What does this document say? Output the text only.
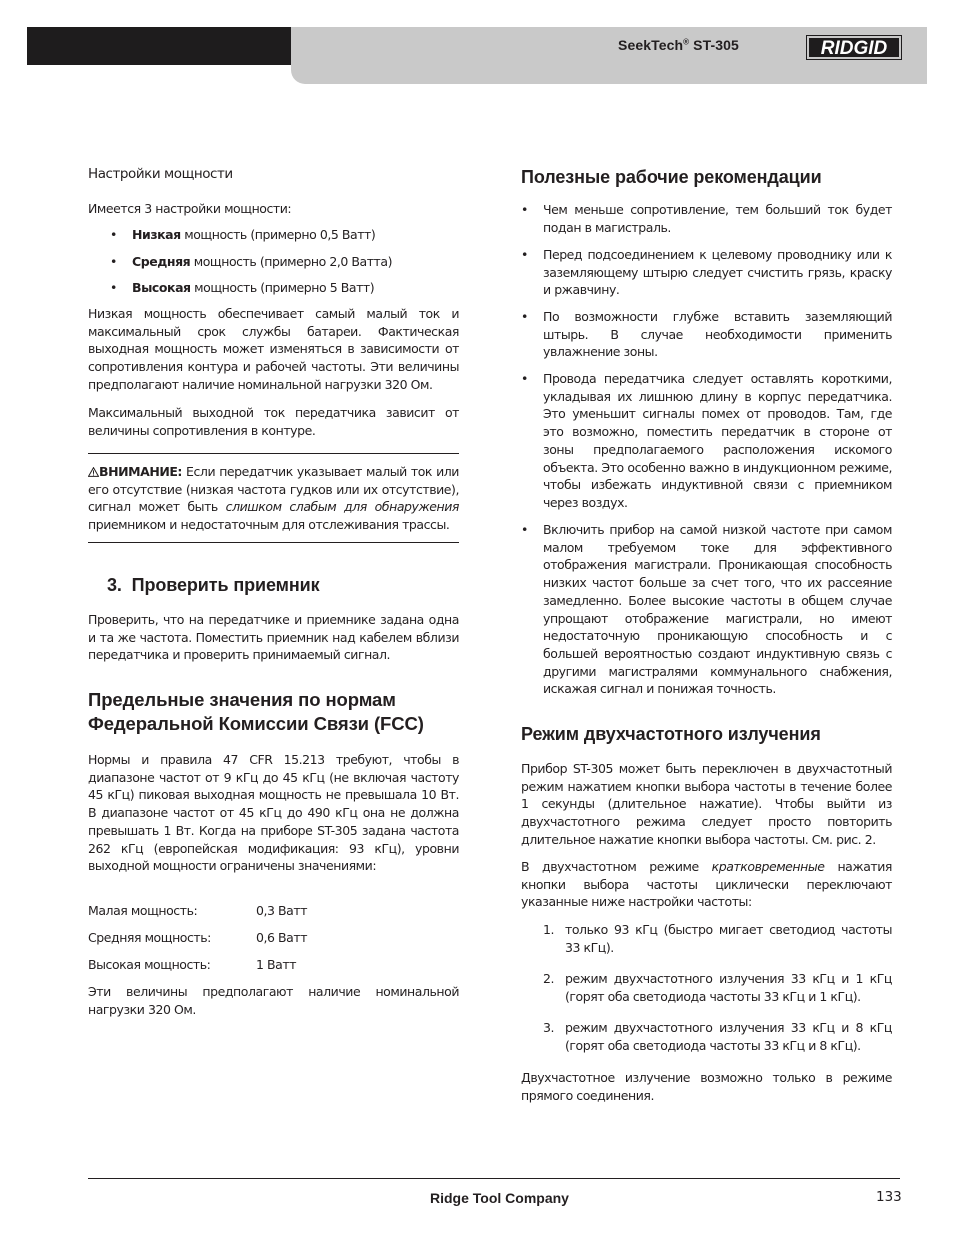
SeekTech® ST-305	RIDGID
Настройки мощности
Имеется 3 настройки мощности:
• Низкая мощность (примерно 0,5 Ватт)
• Средняя мощность (примерно 2,0 Ватта)
• Высокая мощность (примерно 5 Ватт)

Низкая мощность обеспечивает самый малый ток и максимальный срок службы батареи. Фактическая выходная мощность может изменяться в зависимости от сопротивления контура и рабочей частоты. Эти величины предполагают наличие номинальной нагрузки 320 Ом.

Максимальный выходной ток передатчика зависит от величины сопротивления в контуре.

ВНИМАНИЕ: Если передатчик указывает малый ток или его отсутствие (низкая частота гудков или их отсутствие), сигнал может быть слишком слабым для обнаружения приемником и недостаточным для отслеживания трассы.

3. Проверить приемник

Проверить, что на передатчике и приемнике задана одна и та же частота. Поместить приемник над кабелем вблизи передатчика и проверить принимаемый сигнал.

Предельные значения по нормам
Федеральной Комиссии Связи (FCC)

Нормы и правила 47 CFR 15.213 требуют, чтобы в диапазоне частот от 9 кГц до 45 кГц (не включая частоту 45 кГц) пиковая выходная мощность не превышала 10 Вт. В диапазоне частот от 45 кГц до 490 кГц она не должна превышать 1 Вт. Когда на приборе ST-305 задана частота 262 кГц (европейская модификация: 93 кГц), уровни выходной мощности ограничены значениями:

Малая мощность:	0,3 Ватт
Средняя мощность:	0,6 Ватт
Высокая мощность:	1 Ватт

Эти величины предполагают наличие номинальной нагрузки 320 Ом.

Полезные рабочие рекомендации
• Чем меньше сопротивление, тем больший ток будет подан в магистраль.
• Перед подсоединением к целевому проводнику или к заземляющему штырю следует счистить грязь, краску и ржавчину.
• По возможности глубже вставить заземляющий штырь. В случае необходимости применить увлажнение зоны.
• Провода передатчика следует оставлять короткими, укладывая их лишнюю длину в корпус передатчика. Это уменьшит сигналы помех от проводов. Там, где это возможно, поместить передатчик в стороне от зоны предполагаемого расположения искомого объекта. Это особенно важно в индукционном режиме, чтобы избежать индуктивной связи с приемником через воздух.
• Включить прибор на самой низкой частоте при самом малом требуемом токе для эффективного отображения магистрали. Проникающая способность низких частот больше за счет того, что их рассеяние замедленно. Более высокие частоты в общем случае упрощают отображение магистрали, но имеют недостаточную проникающую способность и с большей вероятностью создают индуктивную связь с другими магистралями коммунального снабжения, искажая сигнал и понижая точность.
Режим двухчастотного излучения

Прибор ST-305 может быть переключен в двухчастотный режим нажатием кнопки выбора частоты в течение более 1 секунды (длительное нажатие). Чтобы выйти из двухчастотного режима следует просто повторить длительное нажатие кнопки выбора частоты. См. рис. 2.

В двухчастотном режиме кратковременные нажатия кнопки выбора частоты циклически переключают указанные ниже настройки частоты:

1. только 93 кГц (быстро мигает светодиод частоты 33 кГц).
2. режим двухчастотного излучения 33 кГц и 1 кГц (горят оба светодиода частоты 33 кГц и 1 кГц).
3. режим двухчастотного излучения 33 кГц и 8 кГц (горят оба светодиода частоты 33 кГц и 8 кГц).

Двухчастотное излучение возможно только в режиме прямого соединения.

Ridge Tool Company	133
